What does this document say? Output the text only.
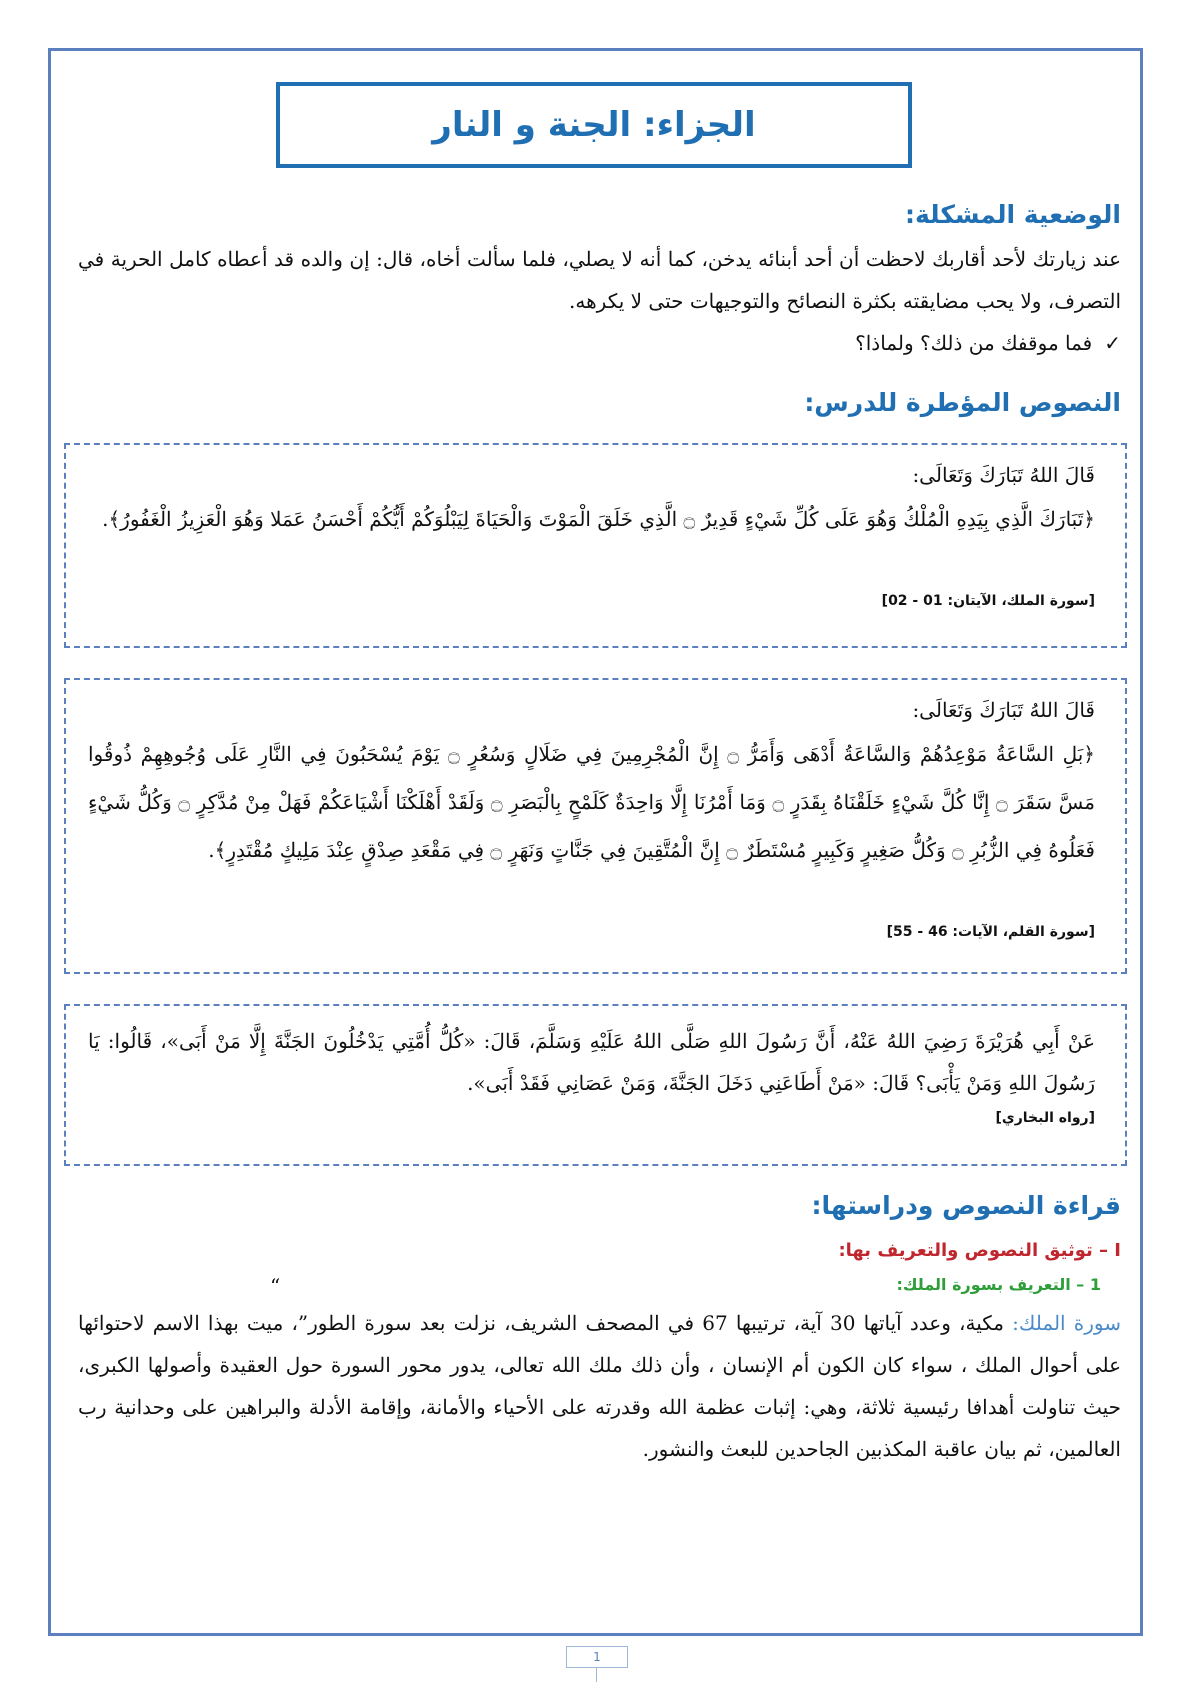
الجزاء: الجنة و النار
الوضعية المشكلة:
عند زيارتك لأحد أقاربك لاحظت أن أحد أبنائه يدخن، كما أنه لا يصلي، فلما سألت أخاه، قال: إن والده قد أعطاه كامل الحرية في التصرف، ولا يحب مضايقته بكثرة النصائح والتوجيهات حتى لا يكرهه.
✓فما موقفك من ذلك؟ ولماذا؟
النصوص المؤطرة للدرس:
قَالَ اللهُ تَبَارَكَ وَتَعَالَى:
﴿تَبَارَكَ الَّذِي بِيَدِهِ الْمُلْكُ وَهُوَ عَلَى كُلِّ شَيْءٍ قَدِيرٌ ۝ الَّذِي خَلَقَ الْمَوْتَ وَالْحَيَاةَ لِيَبْلُوَكُمْ أَيُّكُمْ أَحْسَنُ عَمَلا وَهُوَ الْعَزِيزُ الْغَفُورُ﴾.
[سورة الملك، الآيتان: 01 - 02]
قَالَ اللهُ تَبَارَكَ وَتَعَالَى:
﴿بَلِ السَّاعَةُ مَوْعِدُهُمْ وَالسَّاعَةُ أَدْهَى وَأَمَرُّ ۝ إِنَّ الْمُجْرِمِينَ فِي ضَلَالٍ وَسُعُرٍ ۝ يَوْمَ يُسْحَبُونَ فِي النَّارِ عَلَى وُجُوهِهِمْ ذُوقُوا مَسَّ سَقَرَ ۝ إِنَّا كُلَّ شَيْءٍ خَلَقْنَاهُ بِقَدَرٍ ۝ وَمَا أَمْرُنَا إِلَّا وَاحِدَةٌ كَلَمْحٍ بِالْبَصَرِ ۝ وَلَقَدْ أَهْلَكْنَا أَشْيَاعَكُمْ فَهَلْ مِنْ مُدَّكِرٍ ۝ وَكُلُّ شَيْءٍ فَعَلُوهُ فِي الزُّبُرِ ۝ وَكُلُّ صَغِيرٍ وَكَبِيرٍ مُسْتَطَرٌ ۝ إِنَّ الْمُتَّقِينَ فِي جَنَّاتٍ وَنَهَرٍ ۝ فِي مَقْعَدِ صِدْقٍ عِنْدَ مَلِيكٍ مُقْتَدِرٍ﴾.
[سورة القلم، الآيات: 46 - 55]
عَنْ أَبِي هُرَيْرَةَ رَضِيَ اللهُ عَنْهُ، أَنَّ رَسُولَ اللهِ صَلَّى اللهُ عَلَيْهِ وَسَلَّمَ، قَالَ: «كُلُّ أُمَّتِي يَدْخُلُونَ الجَنَّةَ إِلَّا مَنْ أَبَى»، قَالُوا: يَا رَسُولَ اللهِ وَمَنْ يَأْبَى؟ قَالَ: «مَنْ أَطَاعَنِي دَخَلَ الجَنَّةَ، وَمَنْ عَصَانِي فَقَدْ أَبَى».
[رواه البخاري]
قراءة النصوص ودراستها:
I – توثيق النصوص والتعريف بها:
1 – التعريف بسورة الملك:
“
سورة الملك: مكية، وعدد آياتها 30 آية، ترتيبها 67 في المصحف الشريف، نزلت بعد سورة الطور”، ميت بهذا الاسم لاحتوائها على أحوال الملك ، سواء كان الكون أم الإنسان ، وأن ذلك ملك الله تعالى، يدور محور السورة حول العقيدة وأصولها الكبرى، حيث تناولت أهدافا رئيسية ثلاثة، وهي: إثبات عظمة الله وقدرته على الأحياء والأمانة، وإقامة الأدلة والبراهين على وحدانية رب العالمين، ثم بيان عاقبة المكذبين الجاحدين للبعث والنشور.
1
